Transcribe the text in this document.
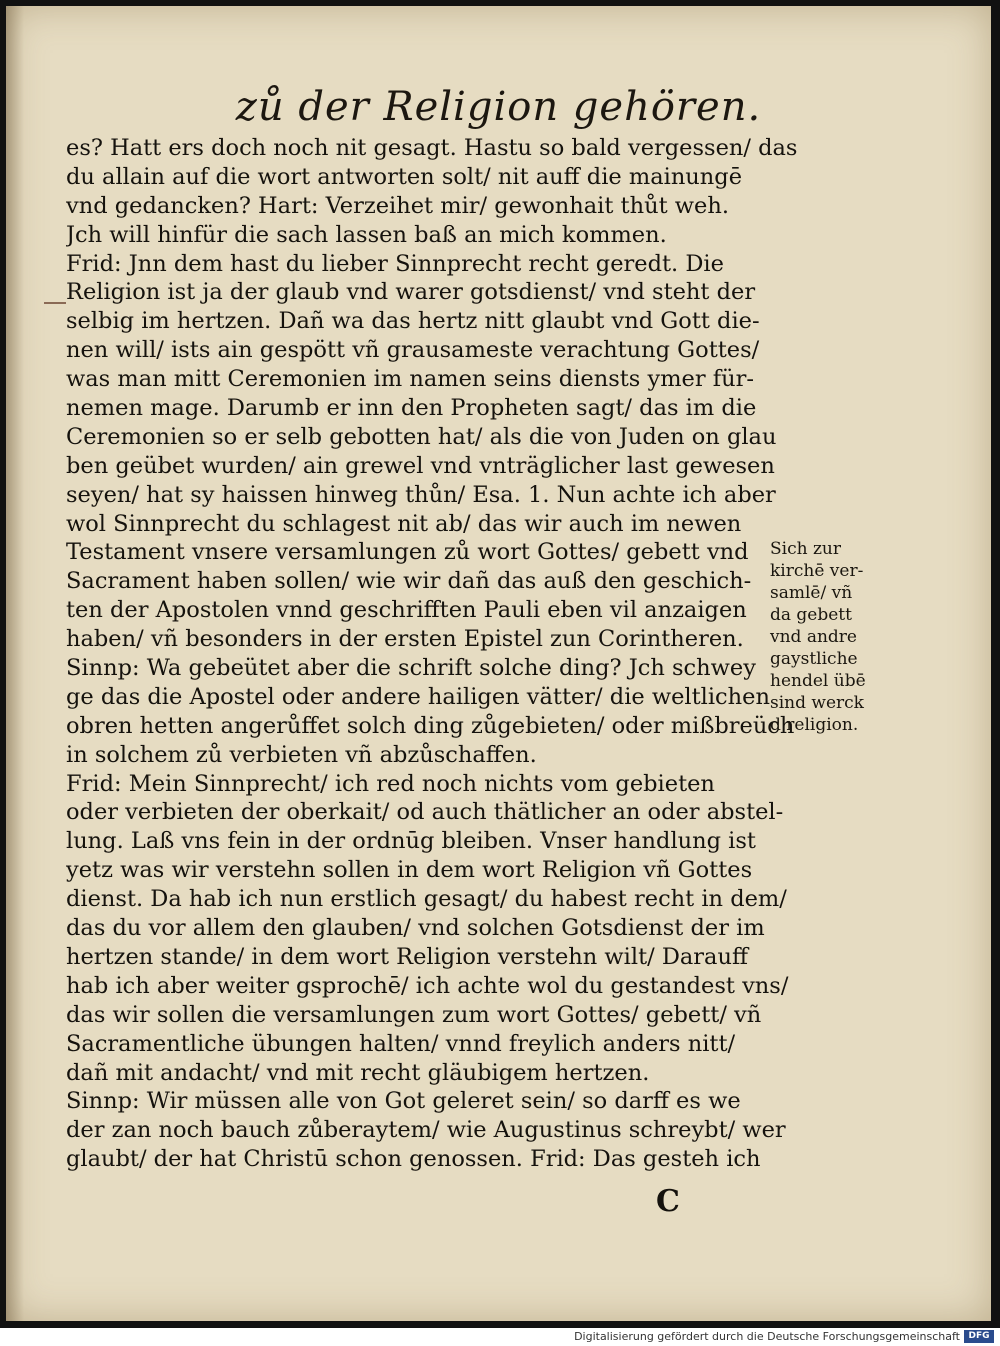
zů der Religion gehören.
es? Hatt ers doch noch nit gesagt. Hastu so bald vergessen/ das
du allain auf die wort antworten solt/ nit auff die mainungē
vnd gedancken? Hart: Verzeihet mir/ gewonhait thůt weh.
Jch will hinfür die sach lassen baß an mich kommen.
Frid: Jnn dem hast du lieber Sinnprecht recht geredt. Die
Religion ist ja der glaub vnd warer gotsdienst/ vnd steht der
selbig im hertzen. Dañ wa das hertz nitt glaubt vnd Gott die-
nen will/ ists ain gespött vñ grausameste verachtung Gottes/
was man mitt Ceremonien im namen seins diensts ymer für-
nemen mage. Darumb er inn den Propheten sagt/ das im die
Ceremonien so er selb gebotten hat/ als die von Juden on glau
ben geübet wurden/ ain grewel vnd vnträglicher last gewesen
seyen/ hat sy haissen hinweg thůn/ Esa. 1. Nun achte ich aber
wol Sinnprecht du schlagest nit ab/ das wir auch im newen
Testament vnsere versamlungen zů wort Gottes/ gebett vnd
Sacrament haben sollen/ wie wir dañ das auß den geschich-
ten der Apostolen vnnd geschrifften Pauli eben vil anzaigen
haben/ vñ besonders in der ersten Epistel zun Corintheren.
Sinnp: Wa gebeütet aber die schrift solche ding? Jch schwey
ge das die Apostel oder andere hailigen vätter/ die weltlichen
obren hetten angerůffet solch ding zůgebieten/ oder mißbreüch
in solchem zů verbieten vñ abzůschaffen.
Frid: Mein Sinnprecht/ ich red noch nichts vom gebieten
oder verbieten der oberkait/ od auch thätlicher an oder abstel-
lung. Laß vns fein in der ordnūg bleiben. Vnser handlung ist
yetz was wir verstehn sollen in dem wort Religion vñ Gottes
dienst. Da hab ich nun erstlich gesagt/ du habest recht in dem/
das du vor allem den glauben/ vnd solchen Gotsdienst der im
hertzen stande/ in dem wort Religion verstehn wilt/ Darauff
hab ich aber weiter gsprochē/ ich achte wol du gestandest vns/
das wir sollen die versamlungen zum wort Gottes/ gebett/ vñ
Sacramentliche übungen halten/ vnnd freylich anders nitt/
dañ mit andacht/ vnd mit recht gläubigem hertzen.
Sinnp: Wir müssen alle von Got geleret sein/ so darff es we
der zan noch bauch zůberaytem/ wie Augustinus schreybt/ wer
glaubt/ der hat Christū schon genossen. Frid: Das gesteh ich
Sich zur
kirchē ver-
samlē/ vñ
da gebett
vnd andre
gaystliche
hendel übē
sind werck
d religion.
C
Digitalisierung gefördert durch die Deutsche Forschungsgemeinschaft DFG
